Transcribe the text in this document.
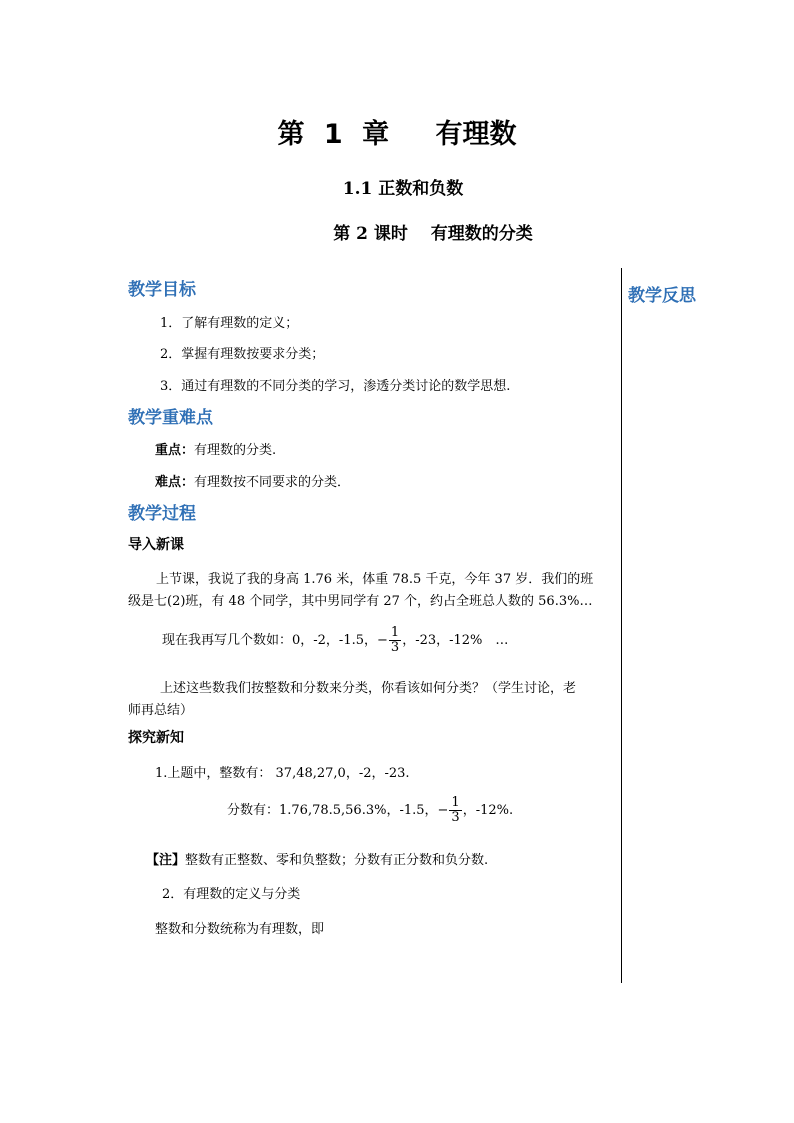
第 1 章　 有理数
1.1 正数和负数
第 2 课时　 有理数的分类
教学反思
教学目标
1．了解有理数的定义；
2．掌握有理数按要求分类；
3．通过有理数的不同分类的学习，渗透分类讨论的数学思想.
教学重难点
重点：有理数的分类.
难点：有理数按不同要求的分类．
教学过程
导入新课
上节课，我说了我的身高 1.76 米，体重 78.5 千克，今年 37 岁．我们的班
级是七(2)班，有 48 个同学，其中男同学有 27 个，约占全班总人数的 56.3%…
现在我再写几个数如：0，-2，-1.5，− $\frac{1}{3}$ ，-23，-12%　…
上述这些数我们按整数和分数来分类，你看该如何分类？（学生讨论，老
师再总结）
探究新知
1.上题中，整数有： 37,48,27,0，-2，-23.
分数有：1.76,78.5,56.3%，-1.5，− $\frac{1}{3}$ ，-12%.
【注】整数有正整数、零和负整数；分数有正分数和负分数.
2．有理数的定义与分类
整数和分数统称为有理数，即
